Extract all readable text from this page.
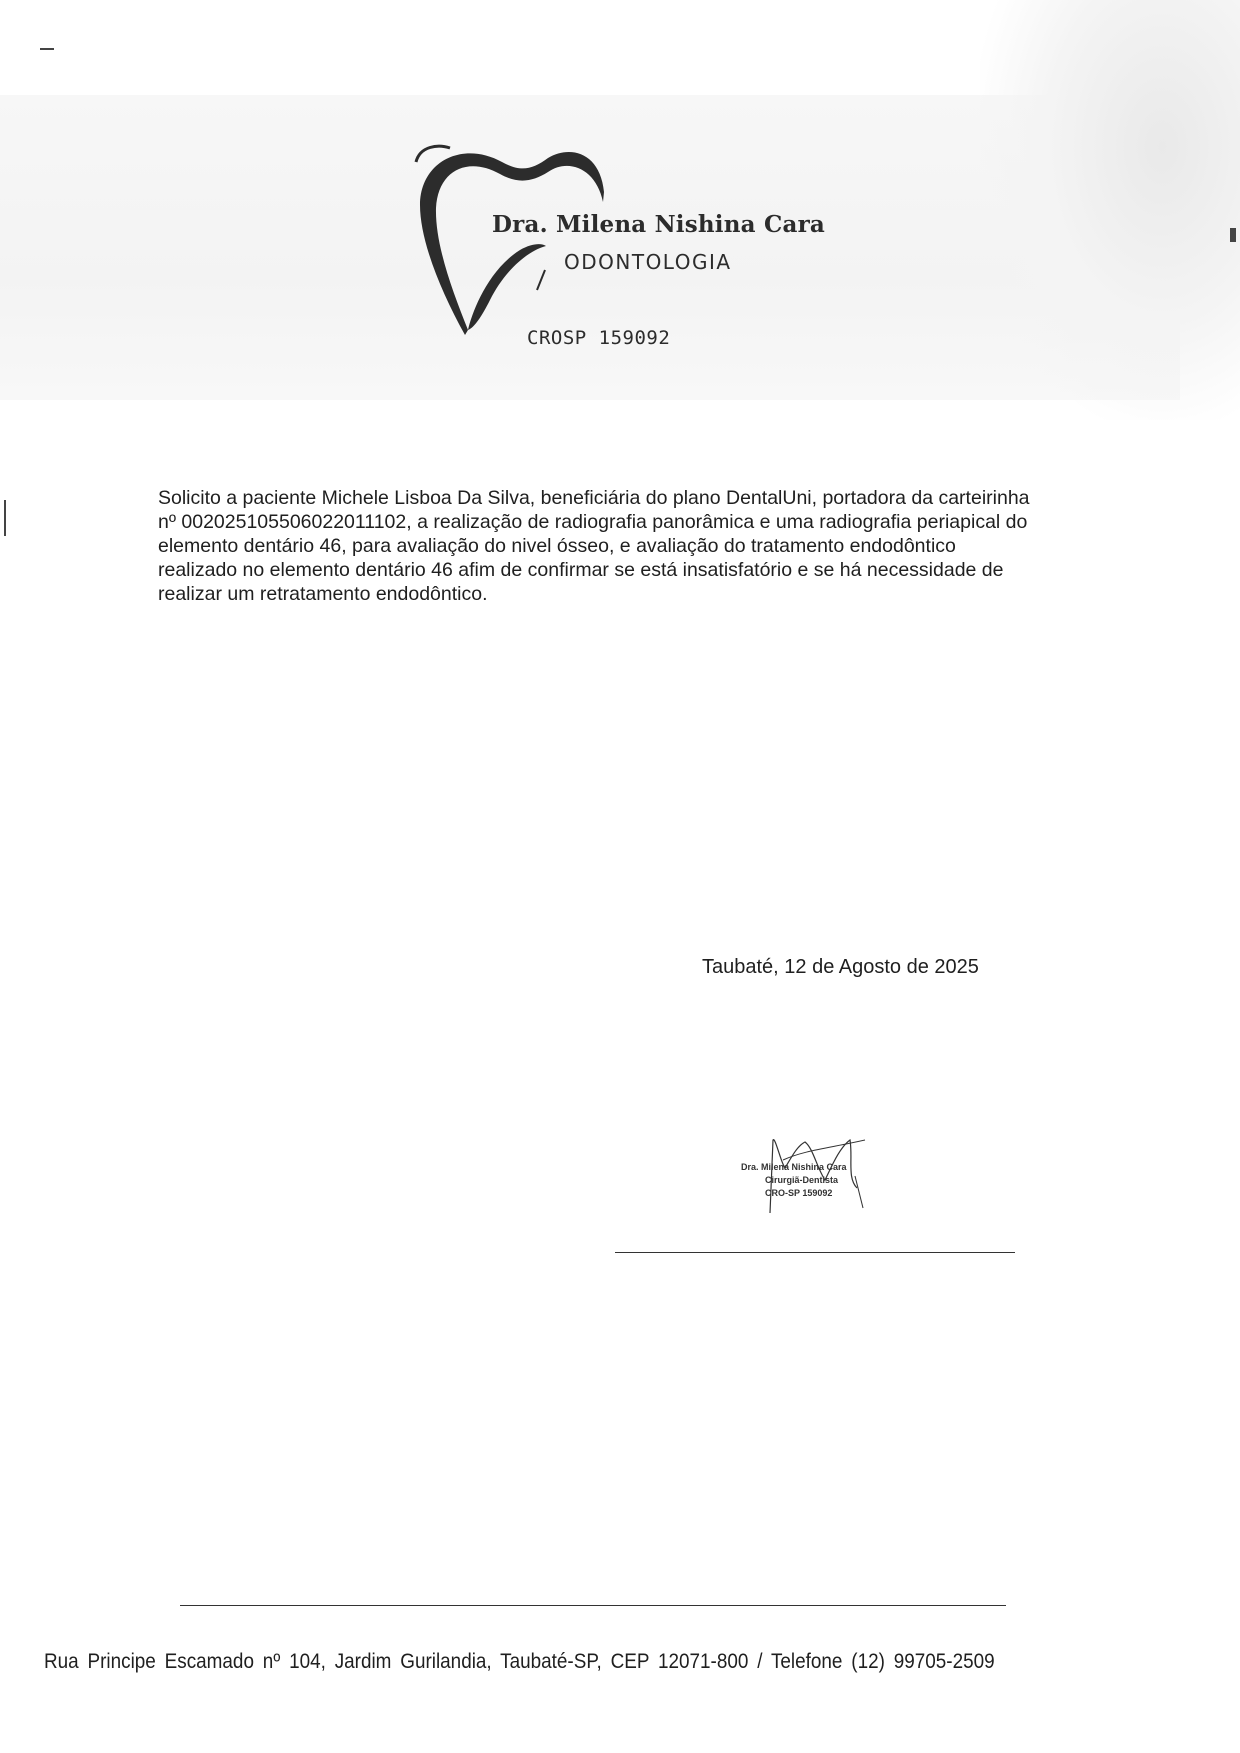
Dra. Milena Nishina Cara
ODONTOLOGIA
CROSP 159092

Solicito a paciente Michele Lisboa Da Silva, beneficiária do plano DentalUni, portadora da carteirinha nº 002025105506022011102, a realização de radiografia panorâmica e uma radiografia periapical do elemento dentário 46, para avaliação do nivel ósseo, e avaliação do tratamento endodôntico realizado no elemento dentário 46 afim de confirmar se está insatisfatório e se há necessidade de realizar um retratamento endodôntico.

Taubaté, 12 de Agosto de 2025
Dra. Milena Nishina Cara
Cirurgiã-Dentista
CRO-SP 159092
Rua Principe Escamado nº 104, Jardim Gurilandia, Taubaté-SP, CEP 12071-800 / Telefone (12) 99705-2509
